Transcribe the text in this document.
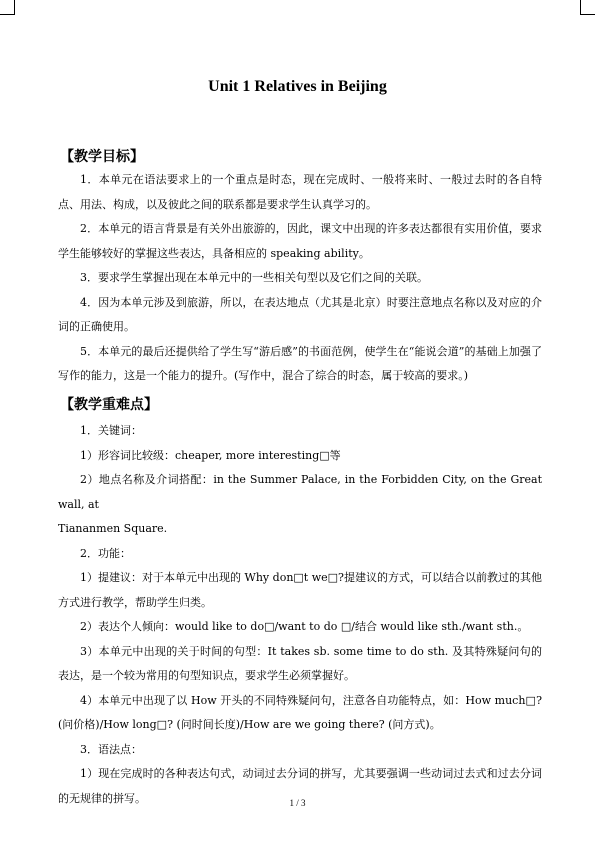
Unit 1 Relatives in Beijing
【教学目标】

1．本单元在语法要求上的一个重点是时态，现在完成时、一般将来时、一般过去时的各自特点、用法、构成，以及彼此之间的联系都是要求学生认真学习的。

2．本单元的语言背景是有关外出旅游的，因此，课文中出现的许多表达都很有实用价值，要求学生能够较好的掌握这些表达，具备相应的 speaking ability。

3．要求学生掌握出现在本单元中的一些相关句型以及它们之间的关联。

4．因为本单元涉及到旅游，所以，在表达地点（尤其是北京）时要注意地点名称以及对应的介词的正确使用。

5．本单元的最后还提供给了学生写“游后感”的书面范例，使学生在“能说会道”的基础上加强了写作的能力，这是一个能力的提升。(写作中，混合了综合的时态，属于较高的要求。)

【教学重难点】

1．关键词：

1）形容词比较级：cheaper, more interesting□等

2）地点名称及介词搭配：in the Summer Palace, in the Forbidden City, on the Great wall, at

Tiananmen Square.

2．功能：

1）提建议：对于本单元中出现的 Why don□t we□?提建议的方式，可以结合以前教过的其他方式进行教学，帮助学生归类。

2）表达个人倾向：would like to do□/want to do □/结合 would like sth./want sth.。

3）本单元中出现的关于时间的句型：It takes sb. some time to do sth. 及其特殊疑问句的表达，是一个较为常用的句型知识点，要求学生必须掌握好。

4）本单元中出现了以 How 开头的不同特殊疑问句，注意各自功能特点，如：How much□? (问价格)/How long□? (问时间长度)/How are we going there? (问方式)。

3．语法点：

1）现在完成时的各种表达句式，动词过去分词的拼写，尤其要强调一些动词过去式和过去分词的无规律的拼写。	1 / 3
